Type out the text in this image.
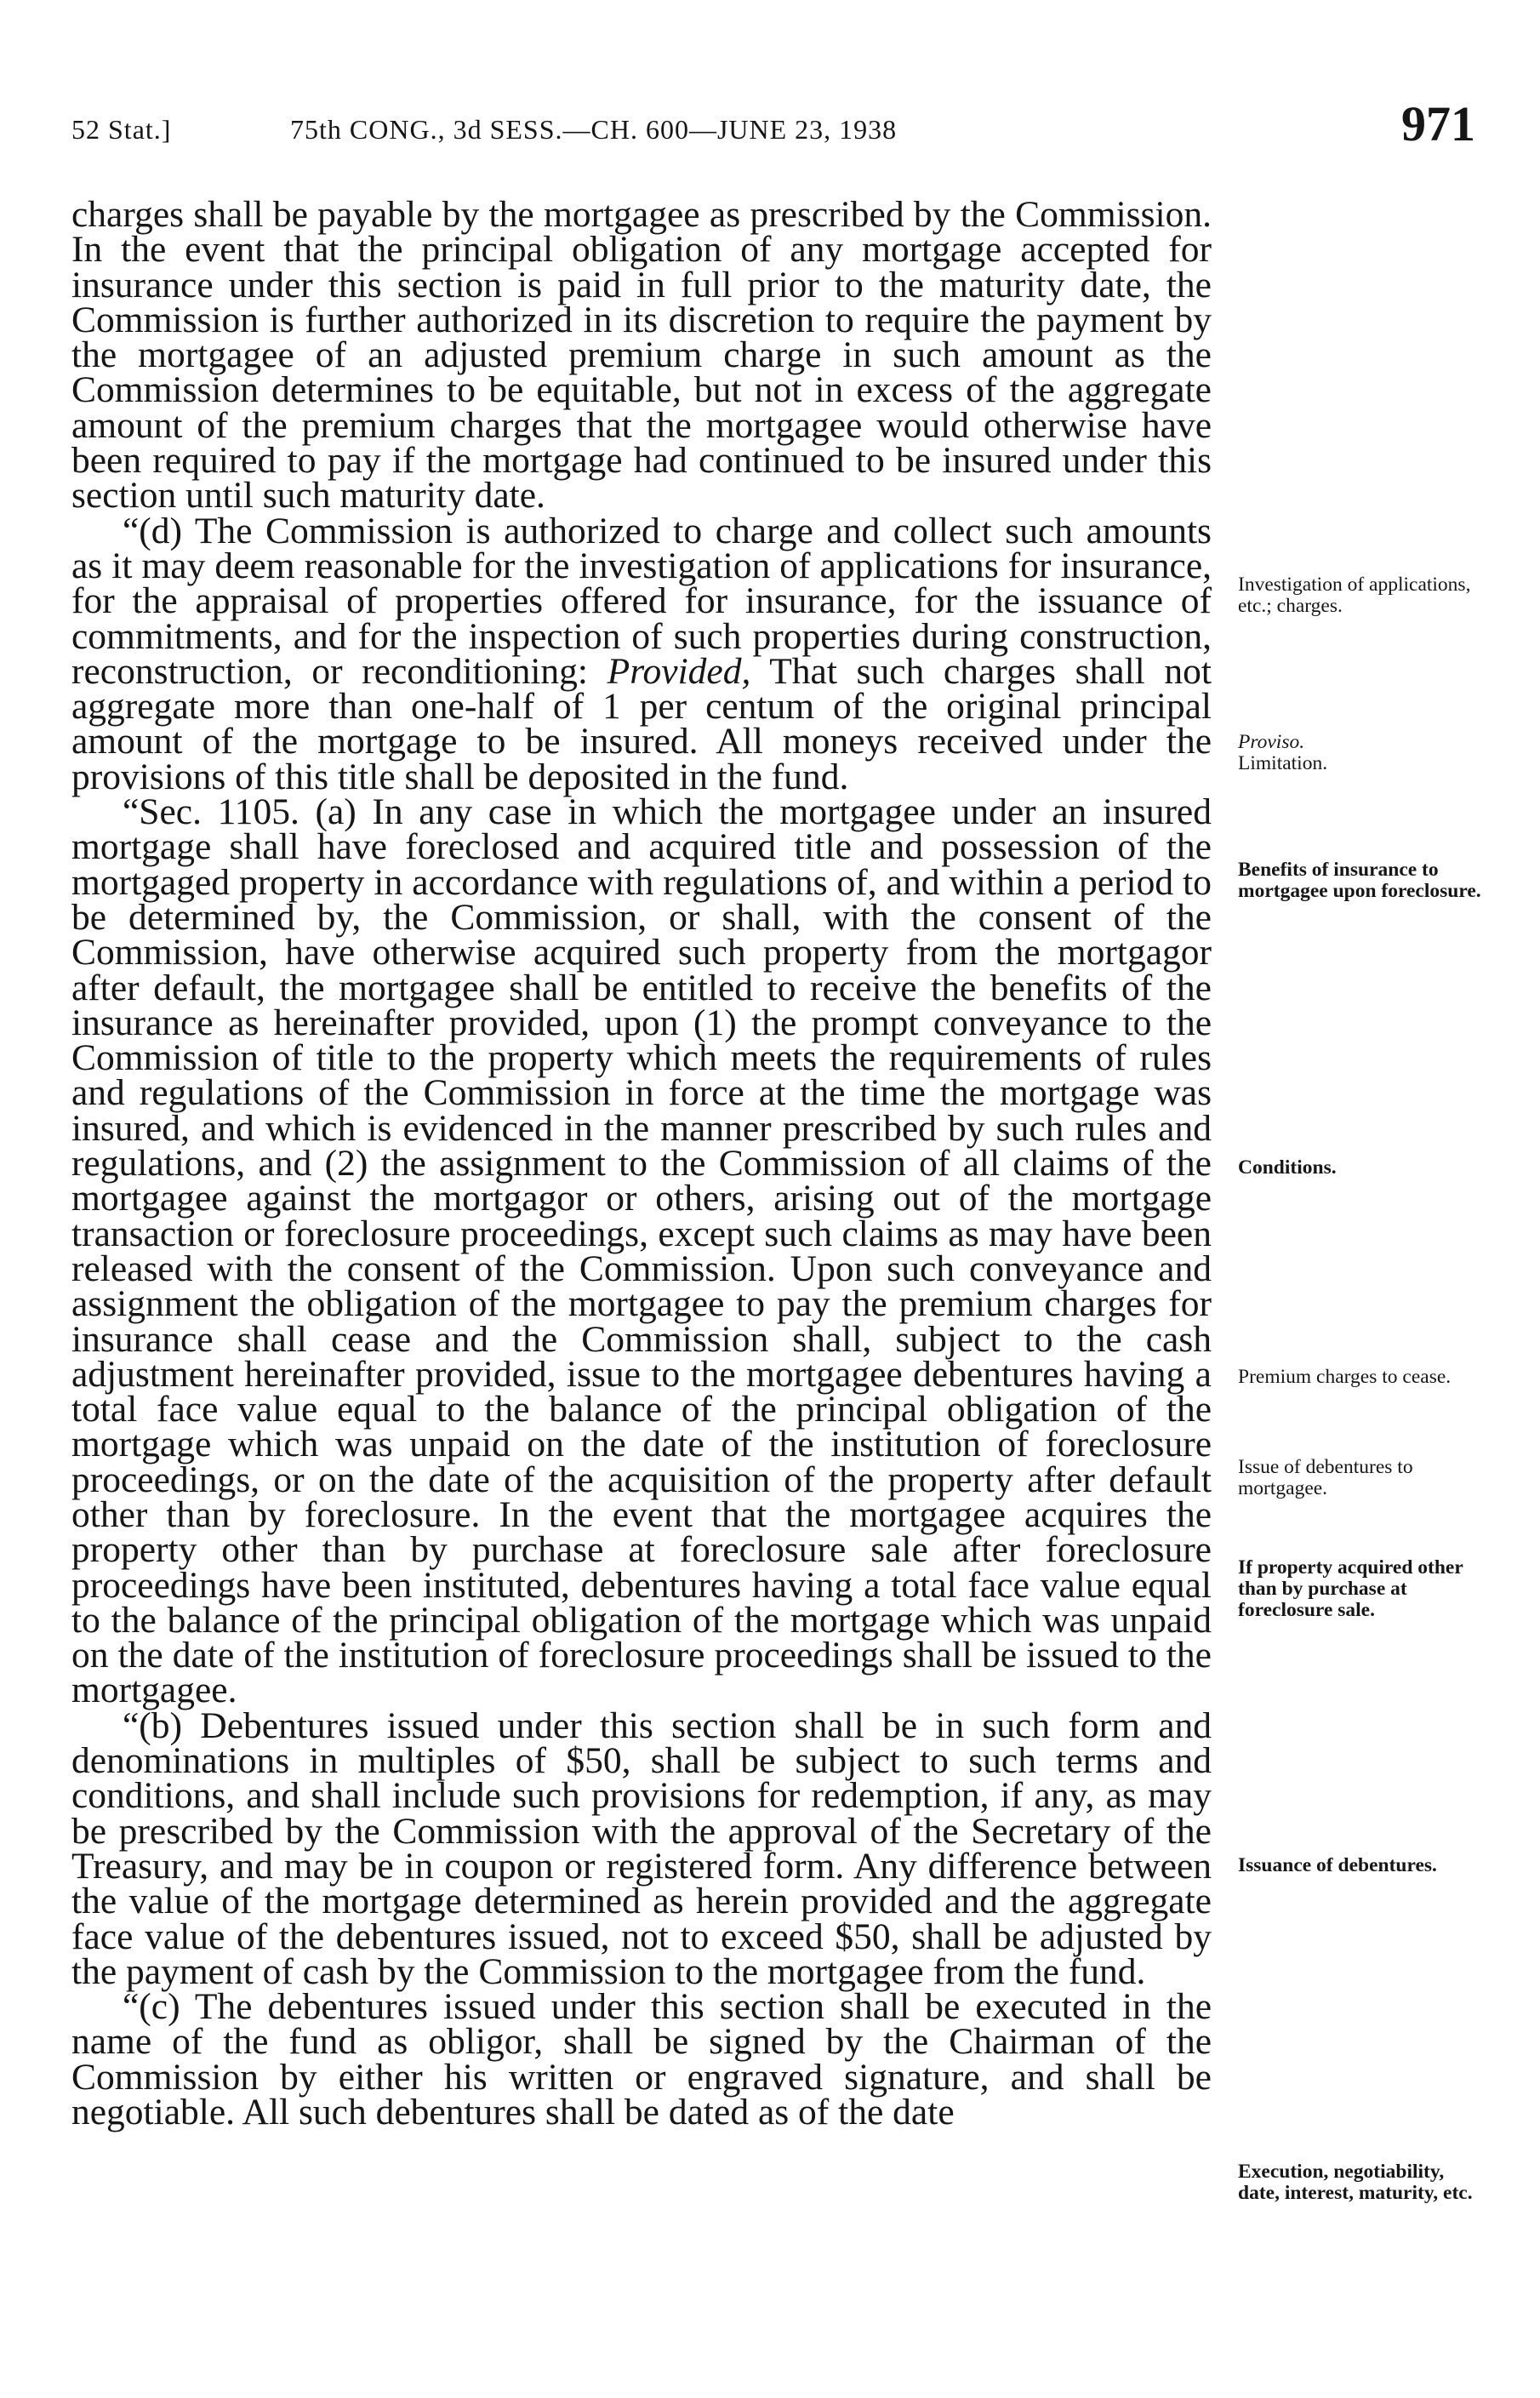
52 Stat.]	75th CONG., 3d SESS.—CH. 600—JUNE 23, 1938	971

charges shall be payable by the mortgagee as prescribed by the Commission. In the event that the principal obligation of any mortgage accepted for insurance under this section is paid in full prior to the maturity date, the Commission is further authorized in its discretion to require the payment by the mortgagee of an adjusted premium charge in such amount as the Commission determines to be equitable, but not in excess of the aggregate amount of the premium charges that the mortgagee would otherwise have been required to pay if the mortgage had continued to be insured under this section until such maturity date.

“(d) The Commission is authorized to charge and collect such amounts as it may deem reasonable for the investigation of applications for insurance, for the appraisal of properties offered for insurance, for the issuance of commitments, and for the inspection of such properties during construction, reconstruction, or reconditioning: Provided, That such charges shall not aggregate more than one-half of 1 per centum of the original principal amount of the mortgage to be insured. All moneys received under the provisions of this title shall be deposited in the fund.

“Sec. 1105. (a) In any case in which the mortgagee under an insured mortgage shall have foreclosed and acquired title and possession of the mortgaged property in accordance with regulations of, and within a period to be determined by, the Commission, or shall, with the consent of the Commission, have otherwise acquired such property from the mortgagor after default, the mortgagee shall be entitled to receive the benefits of the insurance as hereinafter provided, upon (1) the prompt conveyance to the Commission of title to the property which meets the requirements of rules and regulations of the Commission in force at the time the mortgage was insured, and which is evidenced in the manner prescribed by such rules and regulations, and (2) the assignment to the Commission of all claims of the mortgagee against the mortgagor or others, arising out of the mortgage transaction or foreclosure proceedings, except such claims as may have been released with the consent of the Commission. Upon such conveyance and assignment the obligation of the mortgagee to pay the premium charges for insurance shall cease and the Commission shall, subject to the cash adjustment hereinafter provided, issue to the mortgagee debentures having a total face value equal to the balance of the principal obligation of the mortgage which was unpaid on the date of the institution of foreclosure proceedings, or on the date of the acquisition of the property after default other than by foreclosure. In the event that the mortgagee acquires the property other than by purchase at foreclosure sale after foreclosure proceedings have been instituted, debentures having a total face value equal to the balance of the principal obligation of the mortgage which was unpaid on the date of the institution of foreclosure proceedings shall be issued to the mortgagee.

“(b) Debentures issued under this section shall be in such form and denominations in multiples of $50, shall be subject to such terms and conditions, and shall include such provisions for redemption, if any, as may be prescribed by the Commission with the approval of the Secretary of the Treasury, and may be in coupon or registered form. Any difference between the value of the mortgage determined as herein provided and the aggregate face value of the debentures issued, not to exceed $50, shall be adjusted by the payment of cash by the Commission to the mortgagee from the fund.

“(c) The debentures issued under this section shall be executed in the name of the fund as obligor, shall be signed by the Chairman of the Commission by either his written or engraved signature, and shall be negotiable. All such debentures shall be dated as of the date

Investigation of applications, etc.; charges.
Proviso.
Limitation.
Benefits of insurance to mortgagee upon foreclosure.
Conditions.
Premium charges to cease.
Issue of debentures to mortgagee.
If property acquired other than by purchase at foreclosure sale.
Issuance of debentures.
Execution, negotiability, date, interest, maturity, etc.
